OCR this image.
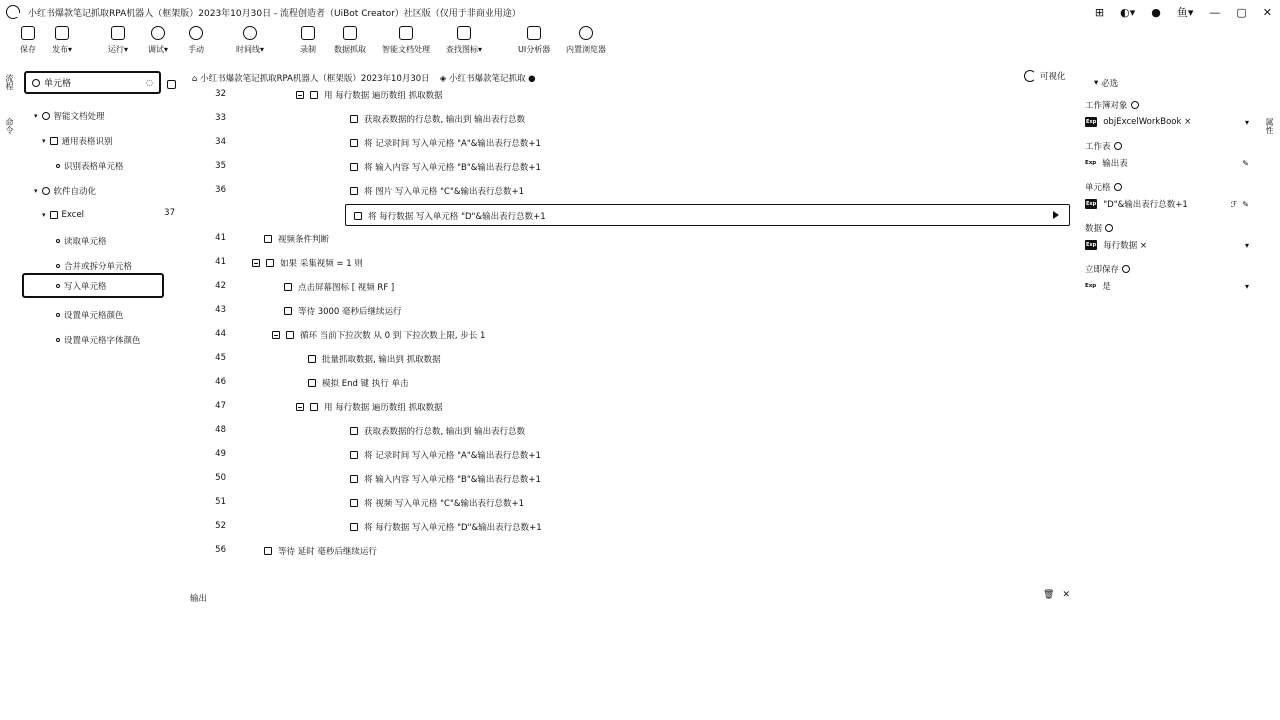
小红书爆款笔记抓取RPA机器人（框架版）2023年10月30日 - 流程创造者（UiBot Creator）社区版（仅用于非商业用途）	⊞ ◐▾ ● 鱼▾ — ▢ ✕
保存 发布▾	运行▾ 调试▾ 手动	时间线▾	录制 数据抓取 智能文档处理 查找图标▾	UI分析器 内置浏览器
流程
命令
单元格
◌
▾ 智能文档处理
▾ 通用表格识别
识别表格单元格
▾ 软件自动化
▾ Excel
读取单元格
合并或拆分单元格
写入单元格
设置单元格颜色
设置单元格字体颜色
⌂ 小红书爆款笔记抓取RPA机器人（框架版）2023年10月30日 ◈ 小红书爆款笔记抓取 ●	可视化
32	用 每行数据 遍历数组 抓取数据
33	获取表数据的行总数, 输出到 输出表行总数
34	将 记录时间 写入单元格 "A"&输出表行总数+1
35	将 输入内容 写入单元格 "B"&输出表行总数+1
36	将 图片 写入单元格 "C"&输出表行总数+1
37	将 每行数据 写入单元格 "D"&输出表行总数+1
41	视频条件判断
41	如果 采集视频 = 1 则
42	点击屏幕图标 [ 视频 RF ]
43	等待 3000 毫秒后继续运行
44	循环 当前下拉次数 从 0 到 下拉次数上限, 步长 1
45	批量抓取数据, 输出到 抓取数据
46	模拟 End 键 执行 单击
47	用 每行数据 遍历数组 抓取数据
48	获取表数据的行总数, 输出到 输出表行总数
49	将 记录时间 写入单元格 "A"&输出表行总数+1
50	将 输入内容 写入单元格 "B"&输出表行总数+1
51	将 视频 写入单元格 "C"&输出表行总数+1
52	将 每行数据 写入单元格 "D"&输出表行总数+1
56	等待 延时 毫秒后继续运行
输出	🗑 ✕
▾ 必选
工作簿对象
Exp objExcelWorkBook ×	▾
工作表
Exp 输出表	✎
单元格
Exp "D"&输出表行总数+1	✎
ℱ
数据
Exp 每行数据 ×	▾
立即保存
Exp 是	▾
属性
